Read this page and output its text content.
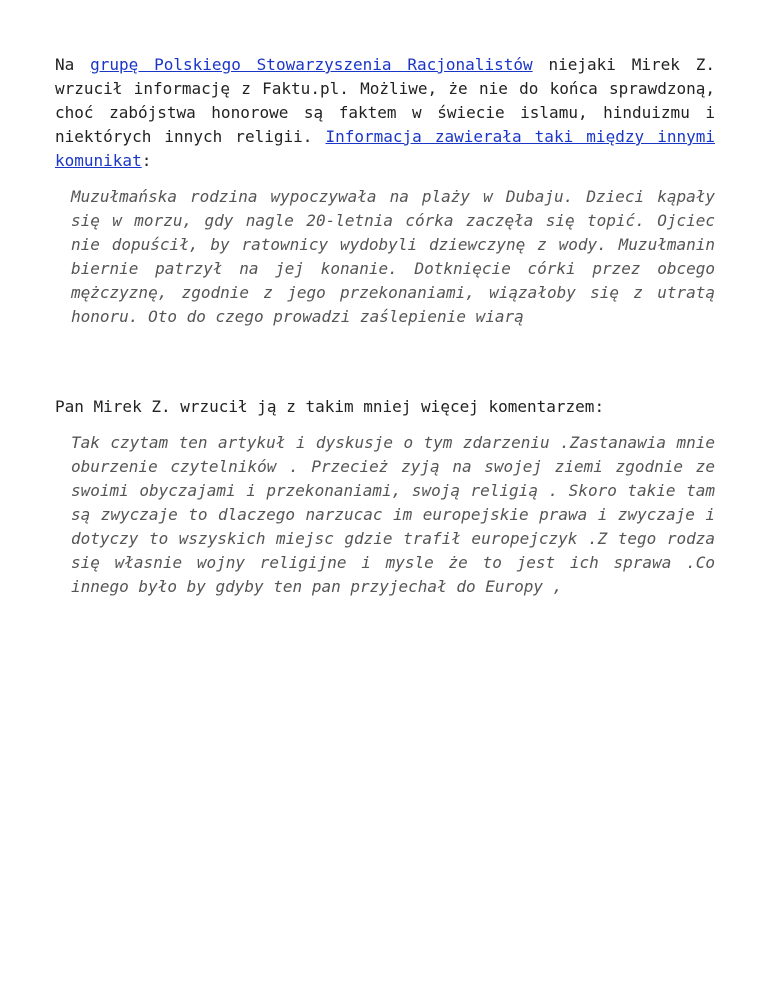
Na grupę Polskiego Stowarzyszenia Racjonalistów niejaki Mirek Z. wrzucił informację z Faktu.pl. Możliwe, że nie do końca sprawdzoną, choć zabójstwa honorowe są faktem w świecie islamu, hinduizmu i niektórych innych religii. Informacja zawierała taki między innymi komunikat:

Muzułmańska rodzina wypoczywała na plaży w Dubaju. Dzieci kąpały się w morzu, gdy nagle 20-letnia córka zaczęła się topić. Ojciec nie dopuścił, by ratownicy wydobyli dziewczynę z wody. Muzułmanin biernie patrzył na jej konanie. Dotknięcie córki przez obcego mężczyznę, zgodnie z jego przekonaniami, wiązałoby się z utratą honoru. Oto do czego prowadzi zaślepienie wiarą

Pan Mirek Z. wrzucił ją z takim mniej więcej komentarzem:

Tak czytam ten artykuł i dyskusje o tym zdarzeniu .Zastanawia mnie oburzenie czytelników . Przecież zyją na swojej ziemi zgodnie ze swoimi obyczajami i przekonaniami, swoją religią . Skoro takie tam są zwyczaje to dlaczego narzucac im europejskie prawa i zwyczaje i dotyczy to wszyskich miejsc gdzie trafił europejczyk .Z tego rodza się własnie wojny religijne i mysle że to jest ich sprawa .Co innego było by gdyby ten pan przyjechał do Europy ,
